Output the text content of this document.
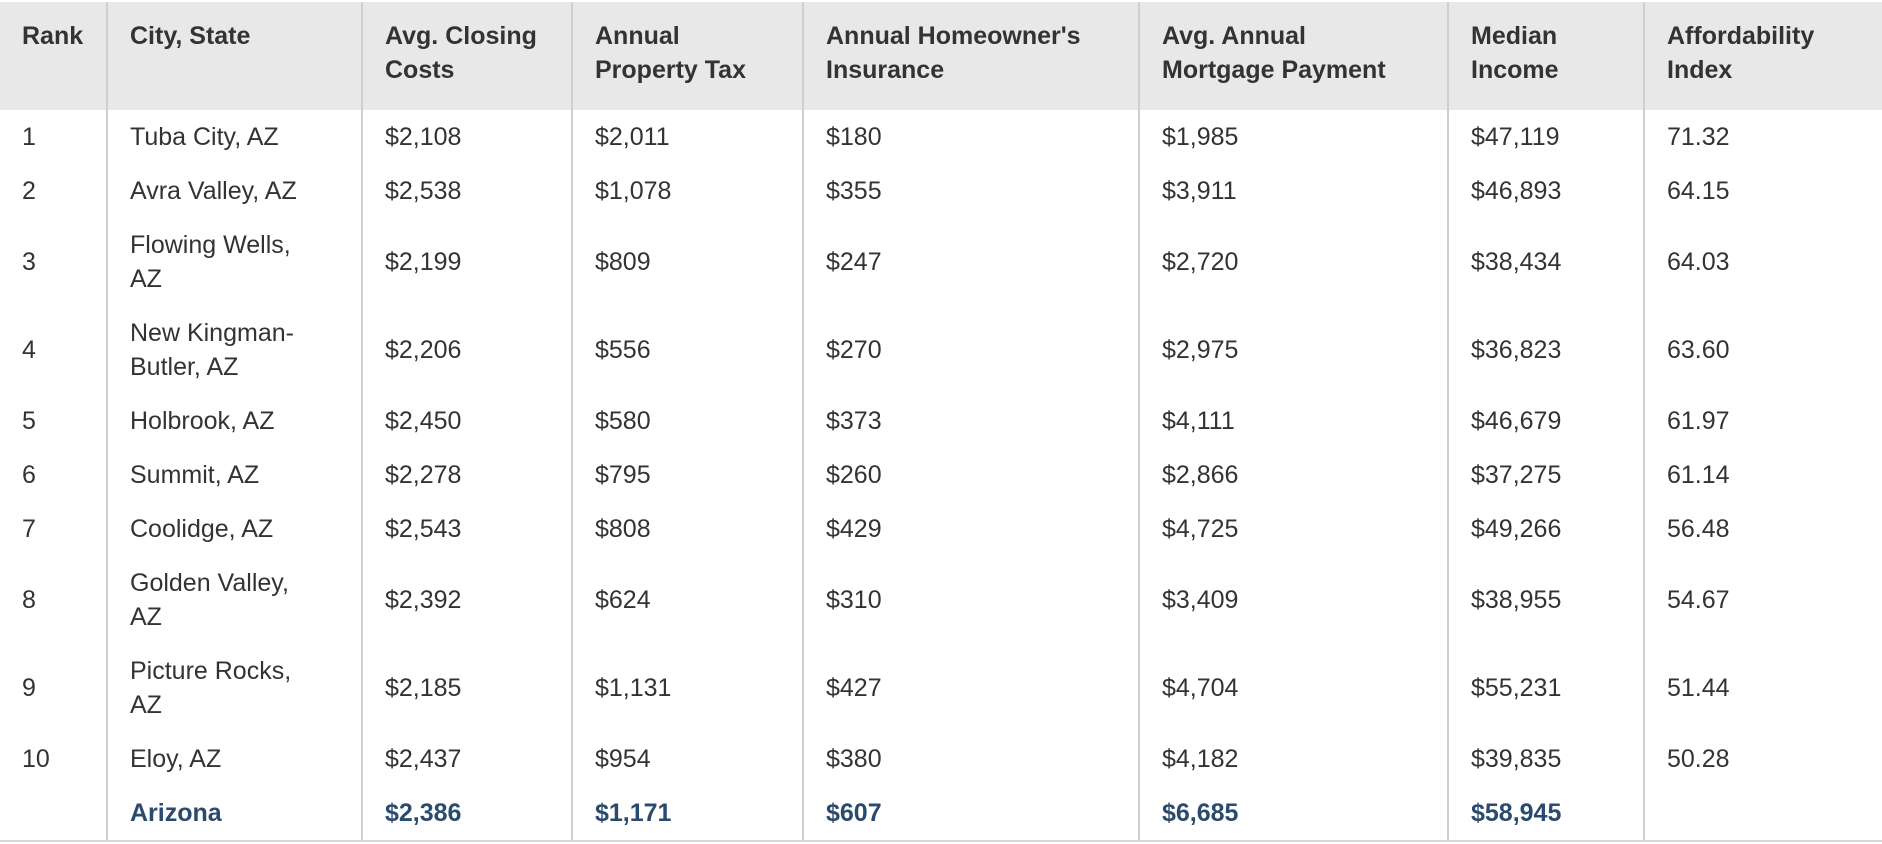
Rank	City, State	Avg. Closing Costs	Annual Property Tax	Annual Homeowner's Insurance	Avg. Annual Mortgage Payment	Median Income	Affordability Index
1	Tuba City, AZ	$2,108	$2,011	$180	$1,985	$47,119	71.32
2	Avra Valley, AZ	$2,538	$1,078	$355	$3,911	$46,893	64.15
3	Flowing Wells, AZ	$2,199	$809	$247	$2,720	$38,434	64.03
4	New Kingman-Butler, AZ	$2,206	$556	$270	$2,975	$36,823	63.60
5	Holbrook, AZ	$2,450	$580	$373	$4,111	$46,679	61.97
6	Summit, AZ	$2,278	$795	$260	$2,866	$37,275	61.14
7	Coolidge, AZ	$2,543	$808	$429	$4,725	$49,266	56.48
8	Golden Valley, AZ	$2,392	$624	$310	$3,409	$38,955	54.67
9	Picture Rocks, AZ	$2,185	$1,131	$427	$4,704	$55,231	51.44
10	Eloy, AZ	$2,437	$954	$380	$4,182	$39,835	50.28
	Arizona	$2,386	$1,171	$607	$6,685	$58,945	
